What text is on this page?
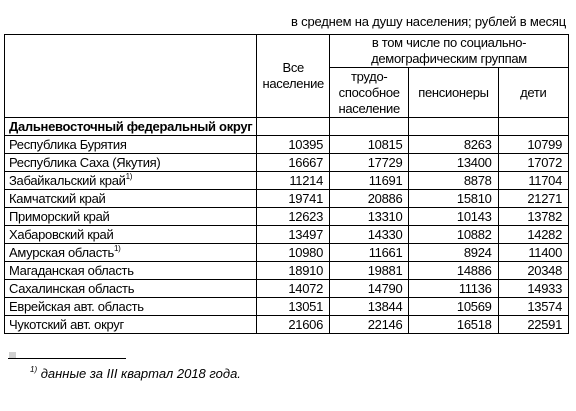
в среднем на душу населения; рублей в месяц
	Все население	в том числе по социально-демографическим группам		
		трудо-способное население	пенсионеры	дети
Дальневосточный федеральный округ				
Республика Бурятия	10395	10815	8263	10799
Республика Саха (Якутия)	16667	17729	13400	17072
Забайкальский край$^{1)}$	11214	11691	8878	11704
Камчатский край	19741	20886	15810	21271
Приморский край	12623	13310	10143	13782
Хабаровский край	13497	14330	10882	14282
Амурская область$^{1)}$	10980	11661	8924	11400
Магаданская область	18910	19881	14886	20348
Сахалинская область	14072	14790	11136	14933
Еврейская авт. область	13051	13844	10569	13574
Чукотский авт. округ	21606	22146	16518	22591
$^{1)}$ данные за III квартал 2018 года.
